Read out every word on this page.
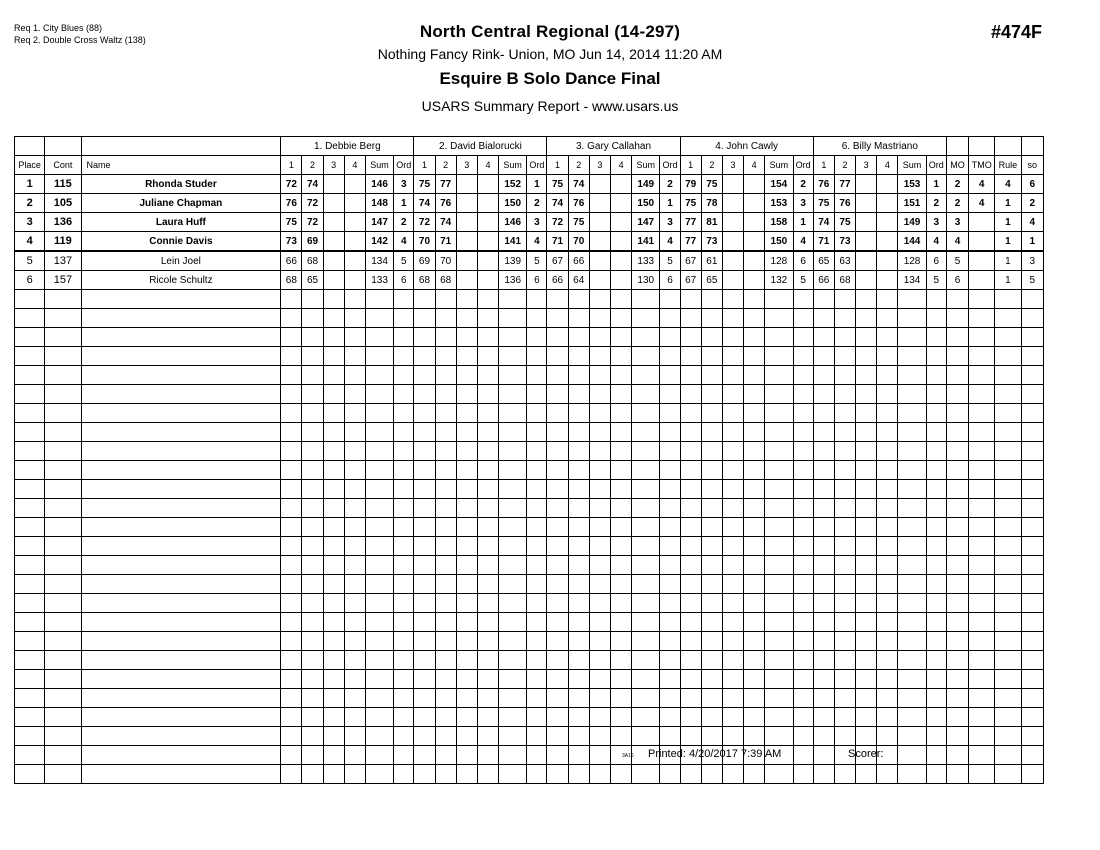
Req 1. City Blues (88)
Req 2. Double Cross Waltz (138)	North Central Regional (14-297)
Nothing Fancy Rink- Union, MO Jun 14, 2014 11:20 AM
Esquire B Solo Dance Final
USARS Summary Report - www.usars.us
#474F
			1. Debbie Berg						2. David Bialorucki						3. Gary Callahan						4. John Cawly						6. Billy Mastriano									
Place	Cont	Name	1	2	3	4	Sum	Ord	1	2	3	4	Sum	Ord	1	2	3	4	Sum	Ord	1	2	3	4	Sum	Ord	1	2	3	4	Sum	Ord	MO	TMO	Rule	so
1	115	Rhonda Studer	72	74			146	3	75	77			152	1	75	74			149	2	79	75			154	2	76	77			153	1	2	4	4	6
2	105	Juliane Chapman	76	72			148	1	74	76			150	2	74	76			150	1	75	78			153	3	75	76			151	2	2	4	1	2
3	136	Laura Huff	75	72			147	2	72	74			146	3	72	75			147	3	77	81			158	1	74	75			149	3	3		1	4
4	119	Connie Davis	73	69			142	4	70	71			141	4	71	70			141	4	77	73			150	4	71	73			144	4	4		1	1
5	137	Lein Joel	66	68			134	5	69	70			139	5	67	66			133	5	67	61			128	6	65	63			128	6	5		1	3
6	157	Ricole Schultz	68	65			133	6	68	68			136	6	66	64			130	6	67	65			132	5	66	68			134	5	6		1	5

3A16 Printed: 4/20/2017 7:39 AM	Scorer:
